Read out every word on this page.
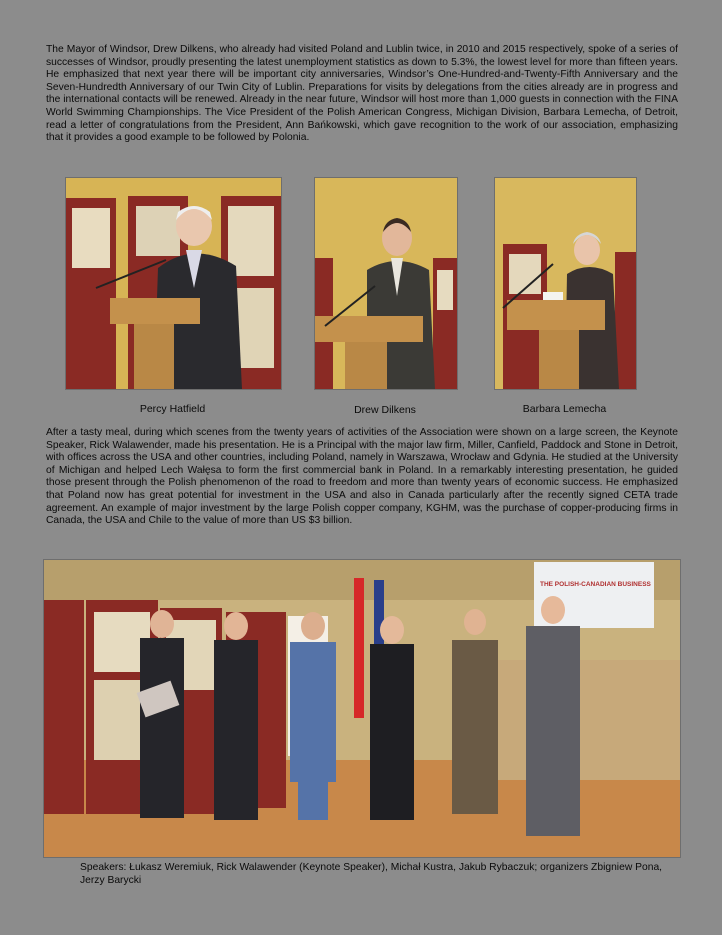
The Mayor of Windsor, Drew Dilkens, who already had visited Poland and Lublin twice, in 2010 and 2015 respectively, spoke of a series of successes of Windsor, proudly presenting the latest unemployment statistics as down to 5.3%, the lowest level for more than fifteen years. He emphasized that next year there will be important city anniversaries, Windsor’s One-Hundred-and-Twenty-Fifth Anniversary and the Seven-Hundredth Anniversary of our Twin City of Lublin. Preparations for visits by delegations from the cities already are in progress and the international contacts will be renewed. Already in the near future, Windsor will host more than 1,000 guests in connection with the FINA World Swimming Championships. The Vice President of the Polish American Congress, Michigan Division, Barbara Lemecha, of Detroit, read a letter of congratulations from the President, Ann Bańkowski, which gave recognition to the work of our association, emphasizing that it provides a good example to be followed by Polonia.

Percy Hatfield	Drew Dilkens	Barbara Lemecha

After a tasty meal, during which scenes from the twenty years of activities of the Association were shown on a large screen, the Keynote Speaker, Rick Walawender, made his presentation. He is a Principal with the major law firm, Miller, Canfield, Paddock and Stone in Detroit, with offices across the USA and other countries, including Poland, namely in Warszawa, Wrocław and Gdynia. He studied at the University of Michigan and helped Lech Wałęsa to form the first commercial bank in Poland. In a remarkably interesting presentation, he guided those present through the Polish phenomenon of the road to freedom and more than twenty years of economic success. He emphasized that Poland now has great potential for investment in the USA and also in Canada particularly after the recently signed CETA trade agreement. An example of major investment by the large Polish copper company, KGHM, was the purchase of copper-producing firms in Canada, the USA and Chile to the value of more than US $3 billion.

THE POLISH-CANADIAN BUSINESS

Speakers: Łukasz Weremiuk, Rick Walawender (Keynote Speaker), Michał Kustra, Jakub Rybaczuk; organizers Zbigniew Pona, Jerzy Barycki
